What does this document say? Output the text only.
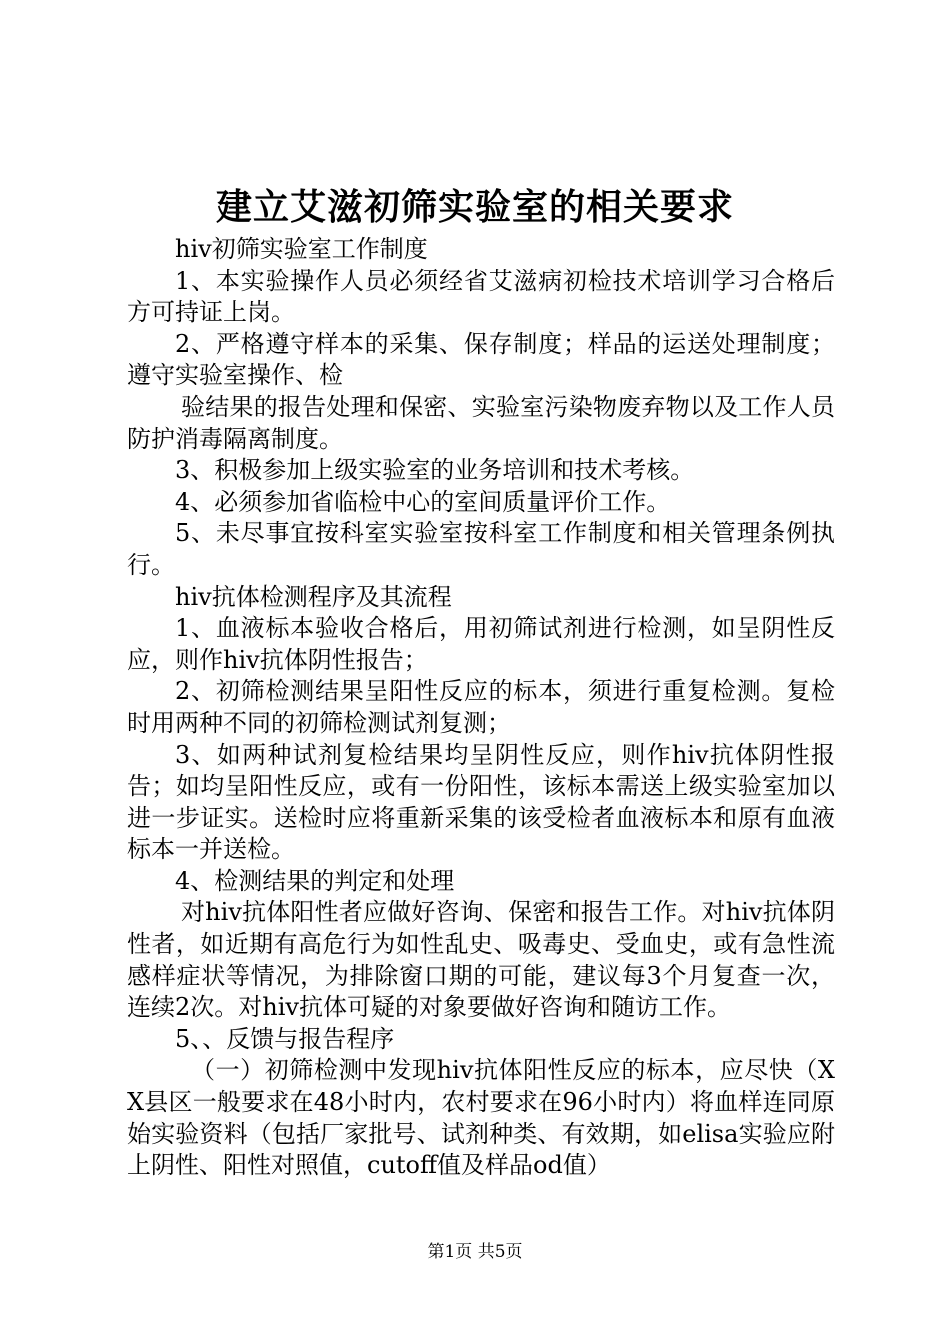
建立艾滋初筛实验室的相关要求

hiv初筛实验室工作制度

1、本实验操作人员必须经省艾滋病初检技术培训学习合格后方可持证上岗。

2、严格遵守样本的采集、保存制度；样品的运送处理制度；遵守实验室操作、检

验结果的报告处理和保密、实验室污染物废弃物以及工作人员防护消毒隔离制度。

3、积极参加上级实验室的业务培训和技术考核。

4、必须参加省临检中心的室间质量评价工作。

5、未尽事宜按科室实验室按科室工作制度和相关管理条例执行。

hiv抗体检测程序及其流程

1、血液标本验收合格后，用初筛试剂进行检测，如呈阴性反应，则作hiv抗体阴性报告；

2、初筛检测结果呈阳性反应的标本，须进行重复检测。复检时用两种不同的初筛检测试剂复测；

3、如两种试剂复检结果均呈阴性反应，则作hiv抗体阴性报告；如均呈阳性反应，或有一份阳性，该标本需送上级实验室加以进一步证实。送检时应将重新采集的该受检者血液标本和原有血液标本一并送检。

4、检测结果的判定和处理

对hiv抗体阳性者应做好咨询、保密和报告工作。对hiv抗体阴性者，如近期有高危行为如性乱史、吸毒史、受血史，或有急性流感样症状等情况，为排除窗口期的可能，建议每3个月复查一次，连续2次。对hiv抗体可疑的对象要做好咨询和随访工作。

5、、反馈与报告程序

（一）初筛检测中发现hiv抗体阳性反应的标本，应尽快（XX县区一般要求在48小时内，农村要求在96小时内）将血样连同原始实验资料（包括厂家批号、试剂种类、有效期，如elisa实验应附上阴性、阳性对照值，cutoff值及样品od值）

第1页 共5页
